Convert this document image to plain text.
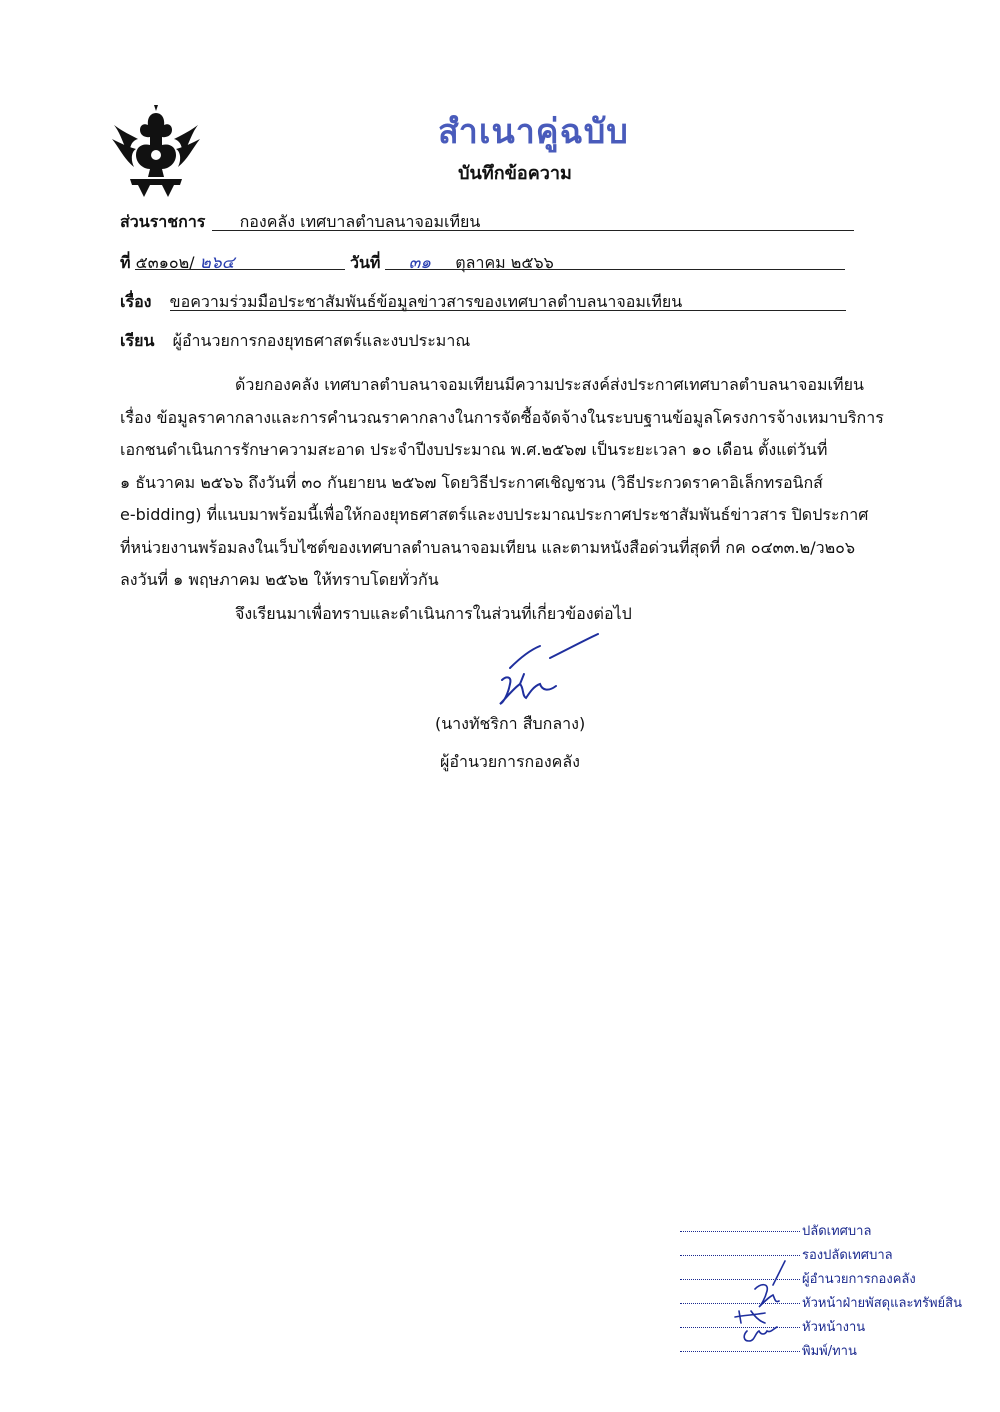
สำเนาคู่ฉบับ
บันทึกข้อความ
ส่วนราชการ กองคลัง เทศบาลตำบลนาจอมเทียน
ที่ ๕๓๑๐๒/ ๒๖๔	วันที่ ๓๑ ตุลาคม ๒๕๖๖
เรื่อง ขอความร่วมมือประชาสัมพันธ์ข้อมูลข่าวสารของเทศบาลตำบลนาจอมเทียน
เรียน ผู้อำนวยการกองยุทธศาสตร์และงบประมาณ

ด้วยกองคลัง เทศบาลตำบลนาจอมเทียนมีความประสงค์ส่งประกาศเทศบาลตำบลนาจอมเทียน

เรื่อง ข้อมูลราคากลางและการคำนวณราคากลางในการจัดซื้อจัดจ้างในระบบฐานข้อมูลโครงการจ้างเหมาบริการ

เอกชนดำเนินการรักษาความสะอาด ประจำปีงบประมาณ พ.ศ.๒๕๖๗ เป็นระยะเวลา ๑๐ เดือน ตั้งแต่วันที่

๑ ธันวาคม ๒๕๖๖ ถึงวันที่ ๓๐ กันยายน ๒๕๖๗ โดยวิธีประกาศเชิญชวน (วิธีประกวดราคาอิเล็กทรอนิกส์

e-bidding) ที่แนบมาพร้อมนี้เพื่อให้กองยุทธศาสตร์และงบประมาณประกาศประชาสัมพันธ์ข่าวสาร ปิดประกาศ

ที่หน่วยงานพร้อมลงในเว็บไซต์ของเทศบาลตำบลนาจอมเทียน และตามหนังสือด่วนที่สุดที่ กค ๐๔๓๓.๒/ว๒๐๖

ลงวันที่ ๑ พฤษภาคม ๒๕๖๒ ให้ทราบโดยทั่วกัน

จึงเรียนมาเพื่อทราบและดำเนินการในส่วนที่เกี่ยวข้องต่อไป
(นางทัชริกา สืบกลาง)
ผู้อำนวยการกองคลัง
ปลัดเทศบาล
รองปลัดเทศบาล
ผู้อำนวยการกองคลัง
หัวหน้าฝ่ายพัสดุและทรัพย์สิน
หัวหน้างาน
พิมพ์/ทาน
